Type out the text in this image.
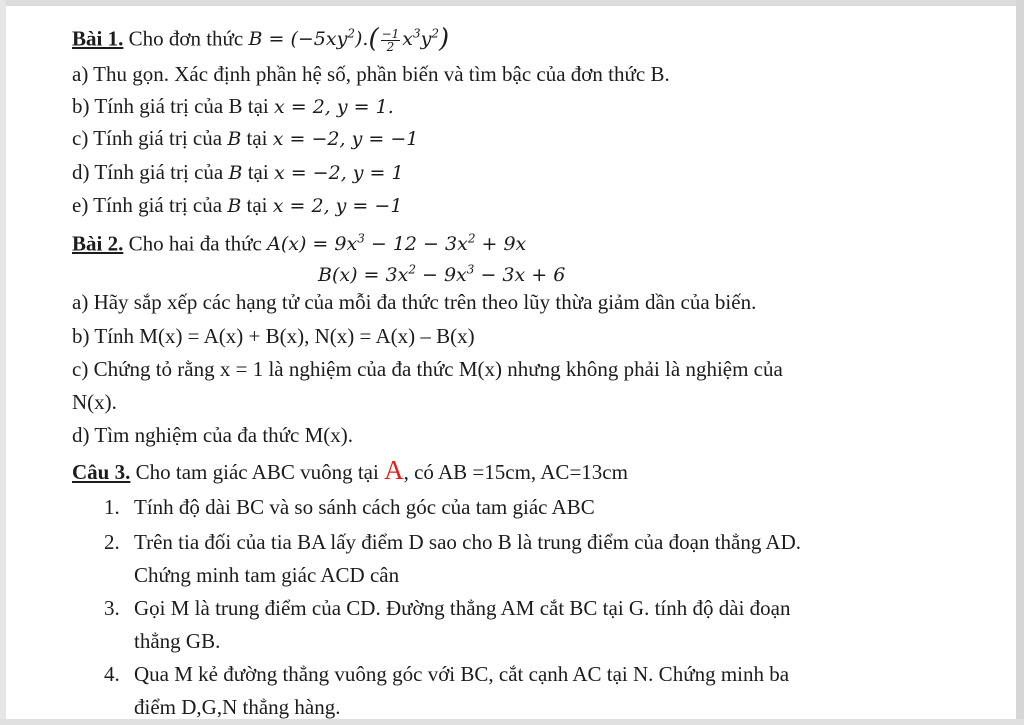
Bài 1. Cho đơn thức $B = (-5xy^2).( \frac{-1}{2} x^3y^2)$
a) Thu gọn. Xác định phần hệ số, phần biến và tìm bậc của đơn thức B.
b) Tính giá trị của B tại x = 2, y = 1.
c) Tính giá trị của B tại x = −2, y = −1
d) Tính giá trị của B tại x = −2, y = 1
e) Tính giá trị của B tại x = 2, y = −1
Bài 2. Cho hai đa thức $A(x) = 9x^3 - 12 - 3x^2 + 9x$
$B(x) = 3x^2 - 9x^3 - 3x + 6$
a) Hãy sắp xếp các hạng tử của mỗi đa thức trên theo lũy thừa giảm dần của biến.
b) Tính M(x) = A(x) + B(x), N(x) = A(x) – B(x)
c) Chứng tỏ rằng x = 1 là nghiệm của đa thức M(x) nhưng không phải là nghiệm của
N(x).
d) Tìm nghiệm của đa thức M(x).
Câu 3. Cho tam giác ABC vuông tại A, có AB =15cm, AC=13cm
1. Tính độ dài BC và so sánh cách góc của tam giác ABC
2. Trên tia đối của tia BA lấy điểm D sao cho B là trung điểm của đoạn thẳng AD.
Chứng minh tam giác ACD cân
3. Gọi M là trung điểm của CD. Đường thẳng AM cắt BC tại G. tính độ dài đoạn
thẳng GB.
4. Qua M kẻ đường thẳng vuông góc với BC, cắt cạnh AC tại N. Chứng minh ba
điểm D,G,N thẳng hàng.
